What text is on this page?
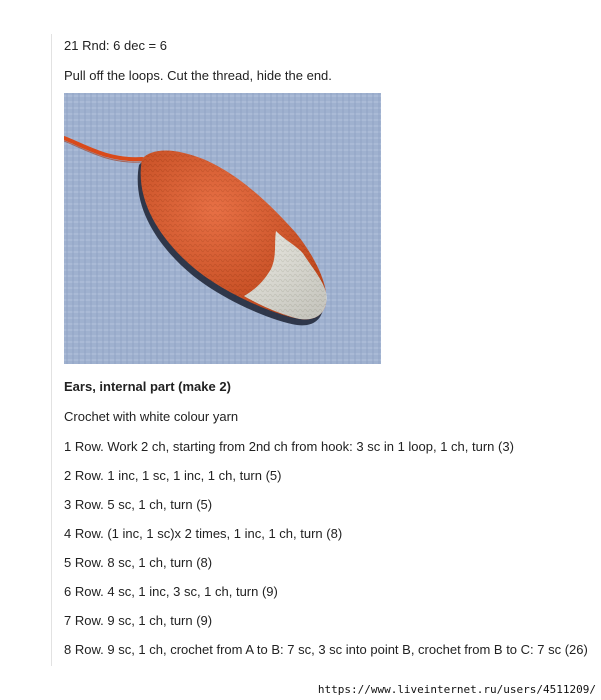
21 Rnd: 6 dec = 6
Pull off the loops. Cut the thread, hide the end.
Ears, internal part (make 2)
Crochet with white colour yarn
1 Row. Work 2 ch, starting from 2nd ch from hook: 3 sc in 1 loop, 1 ch, turn (3)
2 Row. 1 inc, 1 sc, 1 inc, 1 ch, turn (5)
3 Row. 5 sc, 1 ch, turn (5)
4 Row. (1 inc, 1 sc)x 2 times, 1 inc, 1 ch, turn (8)
5 Row. 8 sc, 1 ch, turn (8)
6 Row. 4 sc, 1 inc, 3 sc, 1 ch, turn (9)
7 Row. 9 sc, 1 ch, turn (9)
8 Row. 9 sc, 1 ch, crochet from A to B: 7 sc, 3 sc into point B, crochet from B to C: 7 sc (26)
https://www.liveinternet.ru/users/4511209/
